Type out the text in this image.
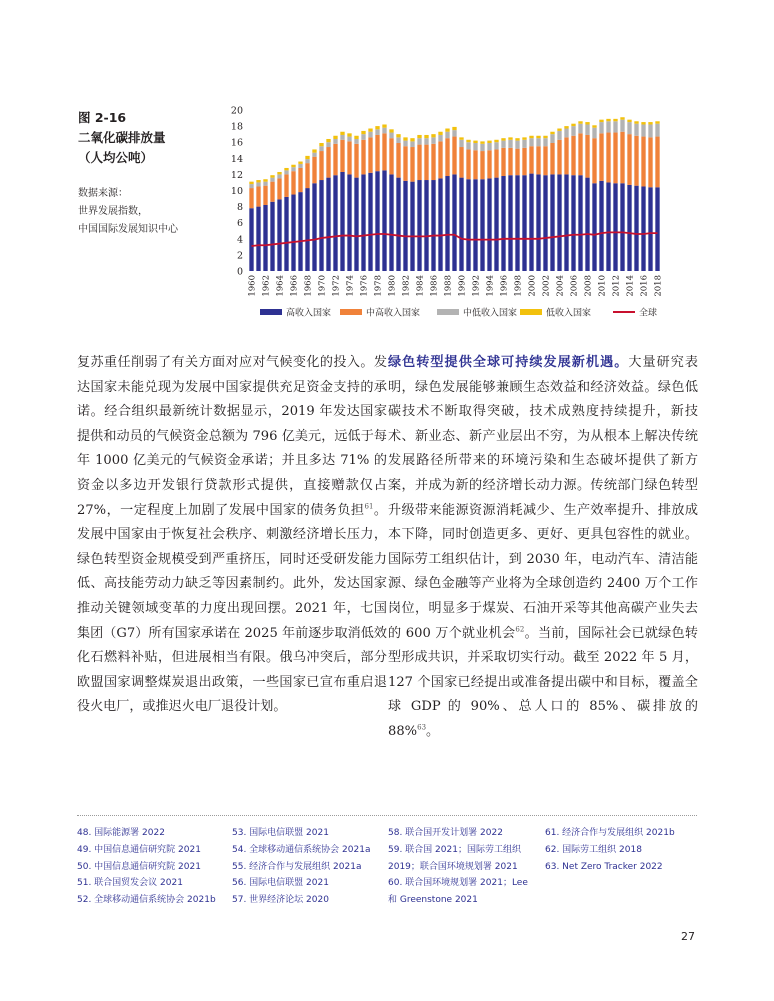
图 2-16
二氧化碳排放量
（人均公吨）
数据来源：
世界发展指数，
中国国际发展知识中心
0
2
4
6
8
10
12
14
16
18
20
1960 1962 1964 1966 1968 1970 1972 1974 1976 1978 1980 1982 1984 1986 1988 1990 1992 1994 1996 1998 2000 2002 2004 2006 2008 2010 2012 2014 2016 2018
高收入国家	中高收入国家	中低收入国家	低收入国家	全球

复苏重任削弱了有关方面对应对气候变化的投入。发达国家未能兑现为发展中国家提供充足资金支持的承诺。经合组织最新统计数据显示，2019 年发达国家提供和动员的气候资金总额为 796 亿美元，远低于每年 1000 亿美元的气候资金承诺；并且多达 71% 的资金以多边开发银行贷款形式提供，直接赠款仅占 27%，一定程度上加剧了发展中国家的债务负担$^{61}$。发展中国家由于恢复社会秩序、刺激经济增长压力，绿色转型资金规模受到严重挤压，同时还受研发能力低、高技能劳动力缺乏等因素制约。此外，发达国家推动关键领域变革的力度出现回摆。2021 年，七国集团（G7）所有国家承诺在 2025 年前逐步取消低效化石燃料补贴，但进展相当有限。俄乌冲突后，部分欧盟国家调整煤炭退出政策，一些国家已宣布重启退役火电厂，或推迟火电厂退役计划。

绿色转型提供全球可持续发展新机遇。大量研究表明，绿色发展能够兼顾生态效益和经济效益。绿色低碳技术不断取得突破，技术成熟度持续提升，新技术、新业态、新产业层出不穷，为从根本上解决传统发展路径所带来的环境污染和生态破坏提供了新方案，并成为新的经济增长动力源。传统部门绿色转型升级带来能源资源消耗减少、生产效率提升、排放成本下降，同时创造更多、更好、更具包容性的就业。国际劳工组织估计，到 2030 年，电动汽车、清洁能源、绿色金融等产业将为全球创造约 2400 万个工作岗位，明显多于煤炭、石油开采等其他高碳产业失去的 600 万个就业机会$^{62}$。当前，国际社会已就绿色转型形成共识，并采取切实行动。截至 2022 年 5 月，127 个国家已经提出或准备提出碳中和目标，覆盖全球 GDP 的 90%、总人口的 85%、碳排放的 88%$^{63}$。

48. 国际能源署 2022
49. 中国信息通信研究院 2021
50. 中国信息通信研究院 2021
51. 联合国贸发会议 2021
52. 全球移动通信系统协会 2021b
53. 国际电信联盟 2021
54. 全球移动通信系统协会 2021a
55. 经济合作与发展组织 2021a
56. 国际电信联盟 2021
57. 世界经济论坛 2020
58. 联合国开发计划署 2022
59. 联合国 2021；国际劳工组织
2019；联合国环境规划署 2021
60. 联合国环境规划署 2021；Lee
和 Greenstone 2021
61. 经济合作与发展组织 2021b
62. 国际劳工组织 2018
63. Net Zero Tracker 2022
27
